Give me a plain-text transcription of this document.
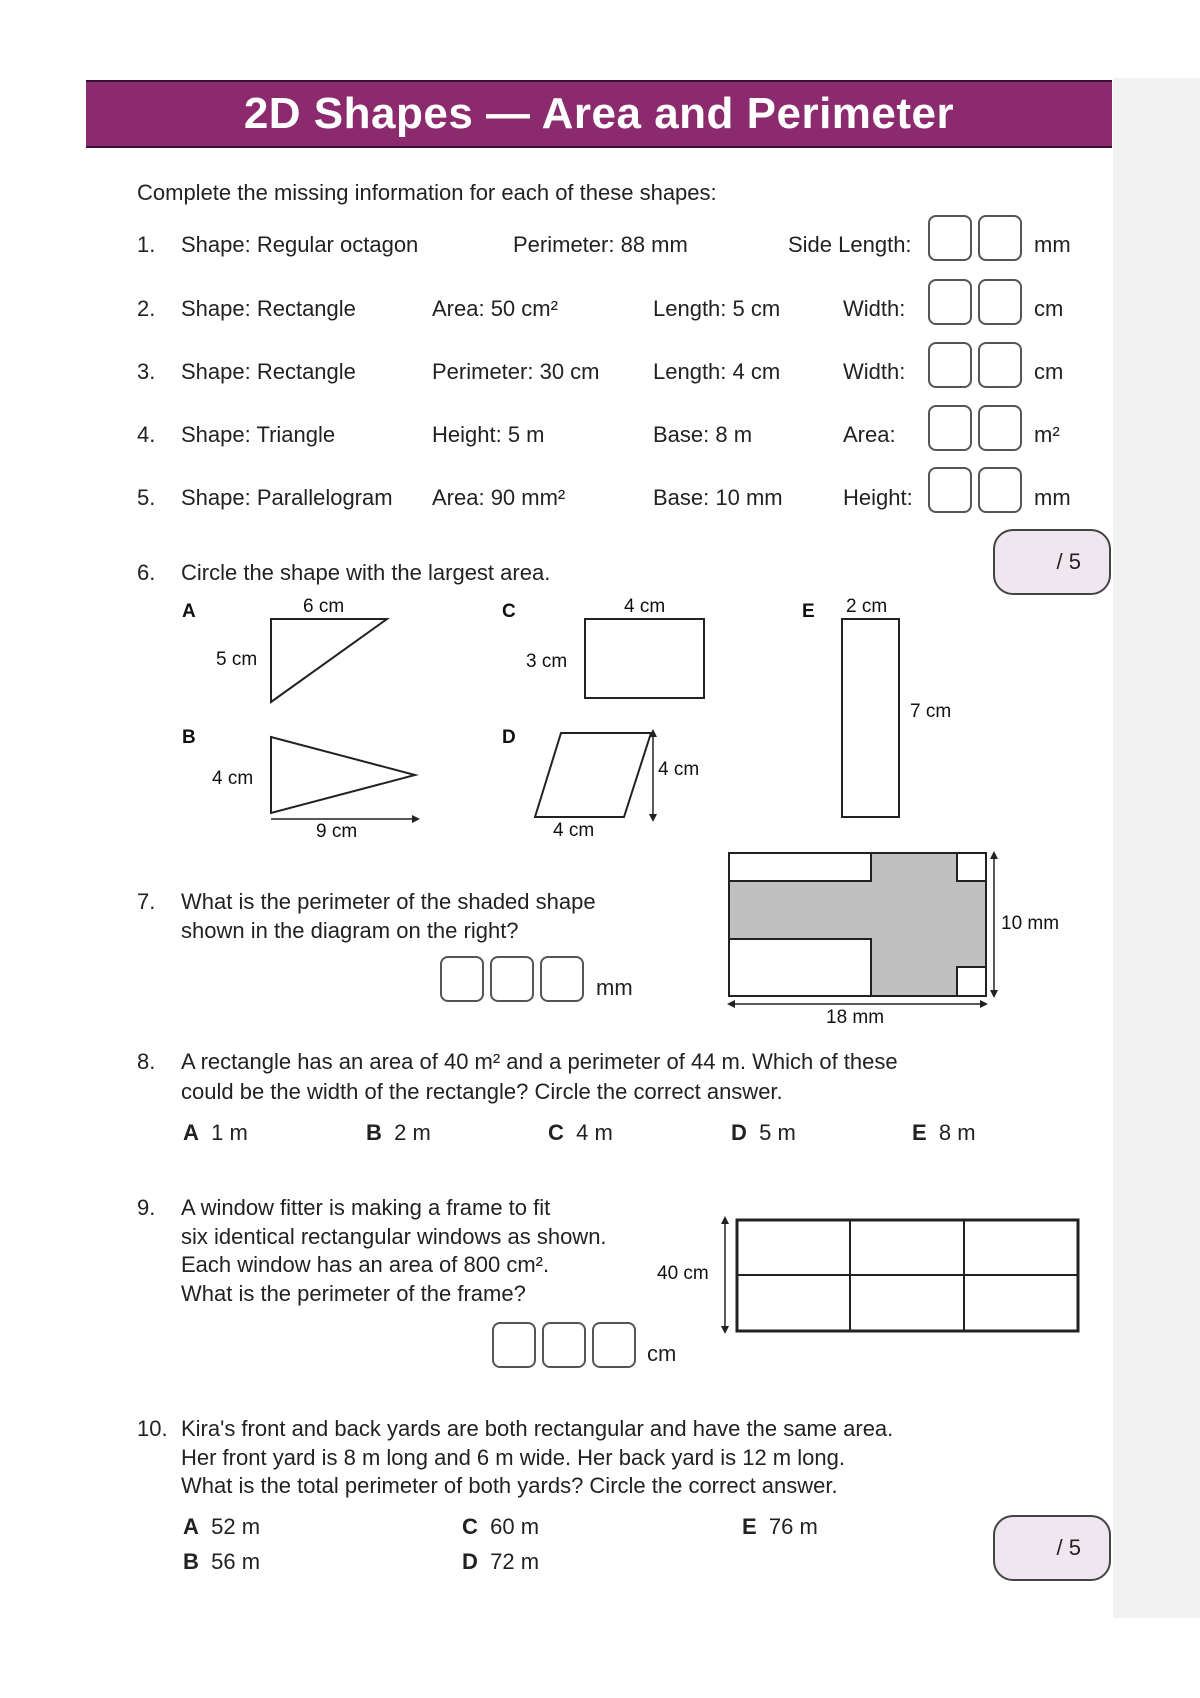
2D Shapes — Area and Perimeter
Complete the missing information for each of these shapes:
1. Shape: Regular octagon	Perimeter: 88 mm	Side Length:	mm
2. Shape: Rectangle	Area: 50 cm²	Length: 5 cm	Width:	cm
3. Shape: Rectangle	Perimeter: 30 cm Length: 4 cm	Width:	cm
4. Shape: Triangle	Height: 5 m	Base: 8 m	Area:	m²
5. Shape: Parallelogram Area: 90 mm²	Base: 10 mm	Height:	mm
/ 5
6. Circle the shape with the largest area.
A	6 cm
5 cm
B
4 cm
9 cm
C	4 cm
3 cm
D
4 cm
4 cm
E 2 cm
7 cm
7. What is the perimeter of the shaded shape
shown in the diagram on the right?
mm
10 mm
18 mm
8. A rectangle has an area of 40 m² and a perimeter of 44 m. Which of these
could be the width of the rectangle? Circle the correct answer.
A 1 m	B 2 m	C 4 m	D 5 m	E 8 m
9. A window fitter is making a frame to fit
six identical rectangular windows as shown.
Each window has an area of 800 cm².
What is the perimeter of the frame?
cm
40 cm
10. Kira's front and back yards are both rectangular and have the same area.
Her front yard is 8 m long and 6 m wide. Her back yard is 12 m long.
What is the total perimeter of both yards? Circle the correct answer.
A 52 m
B 56 m
C 60 m
D 72 m
E 76 m
/ 5
